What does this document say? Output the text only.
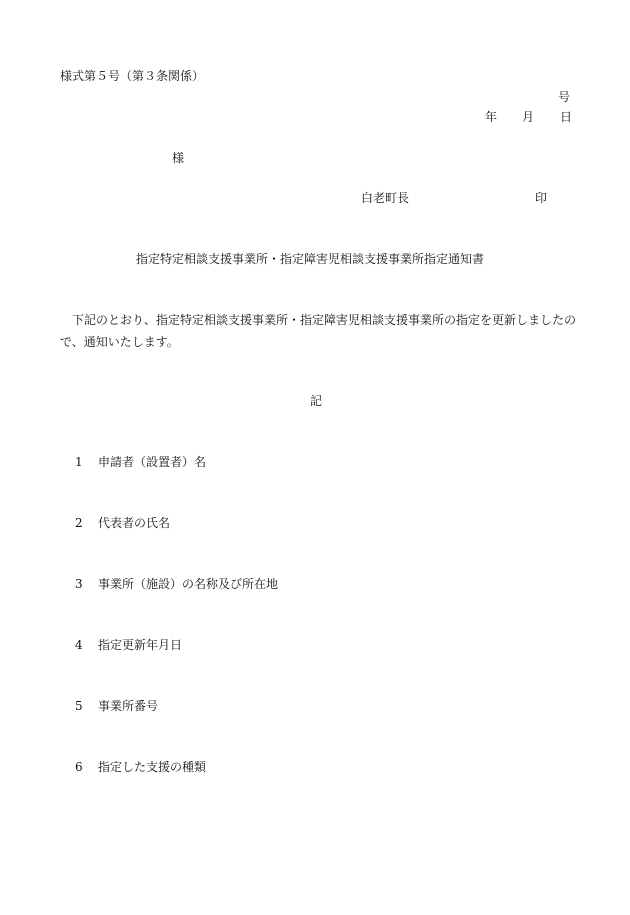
様式第５号（第３条関係）
号
年 月 日
様
白老町長	印
指定特定相談支援事業所・指定障害児相談支援事業所指定通知書
下記のとおり、指定特定相談支援事業所・指定障害児相談支援事業所の指定を更新しましたので、通知いたします。
記
1 申請者（設置者）名
2 代表者の氏名
3 事業所（施設）の名称及び所在地
4 指定更新年月日
5 事業所番号
6 指定した支援の種類
